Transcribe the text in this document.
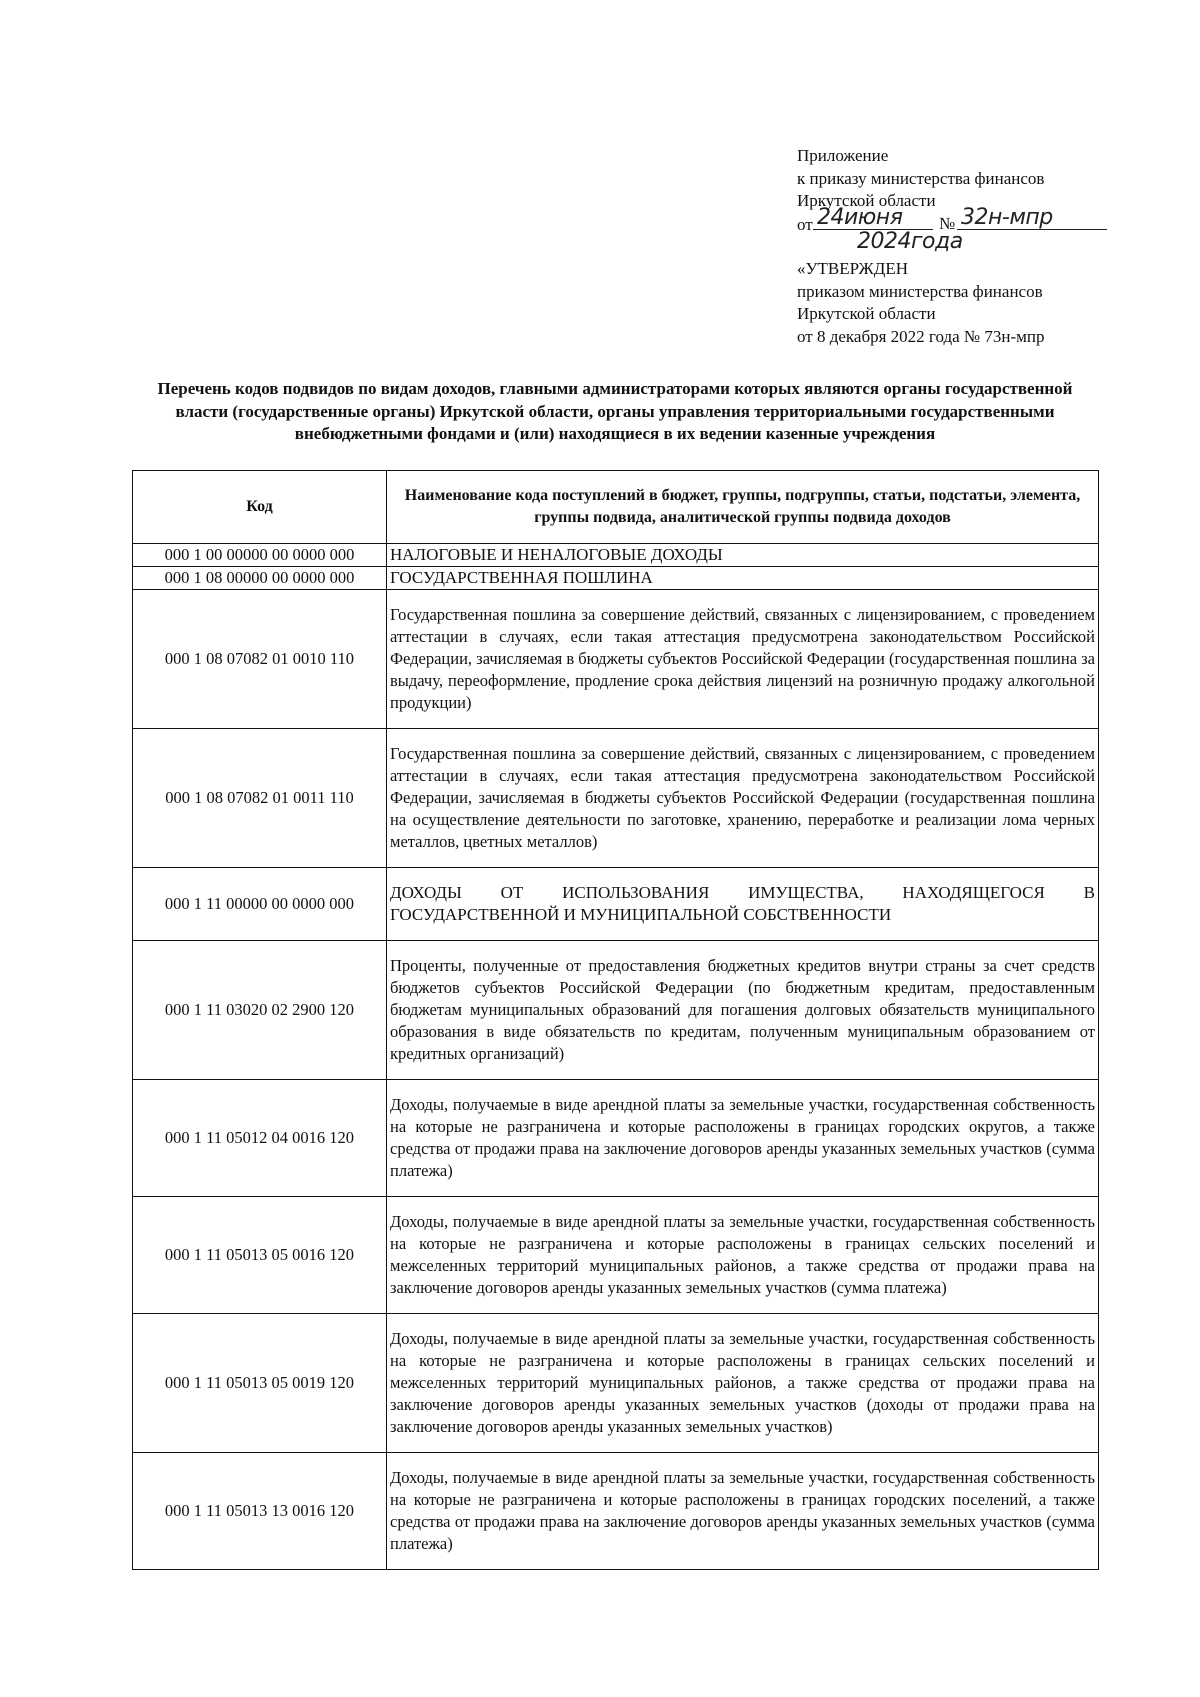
Приложение
к приказу министерства финансов
Иркутской области
от 24июня № 32н-мпр
2024года
«УТВЕРЖДЕН
приказом министерства финансов
Иркутской области
от 8 декабря 2022 года № 73н-мпр
Перечень кодов подвидов по видам доходов, главными администраторами которых являются органы государственной власти (государственные органы) Иркутской области, органы управления территориальными государственными внебюджетными фондами и (или) находящиеся в их ведении казенные учреждения
Код	Наименование кода поступлений в бюджет, группы, подгруппы, статьи, подстатьи, элемента, группы подвида, аналитической группы подвида доходов
000 1 00 00000 00 0000 000	НАЛОГОВЫЕ И НЕНАЛОГОВЫЕ ДОХОДЫ
000 1 08 00000 00 0000 000	ГОСУДАРСТВЕННАЯ ПОШЛИНА
000 1 08 07082 01 0010 110	Государственная пошлина за совершение действий, связанных с лицензированием, с проведением аттестации в случаях, если такая аттестация предусмотрена законодательством Российской Федерации, зачисляемая в бюджеты субъектов Российской Федерации (государственная пошлина за выдачу, переоформление, продление срока действия лицензий на розничную продажу алкогольной продукции)
000 1 08 07082 01 0011 110	Государственная пошлина за совершение действий, связанных с лицензированием, с проведением аттестации в случаях, если такая аттестация предусмотрена законодательством Российской Федерации, зачисляемая в бюджеты субъектов Российской Федерации (государственная пошлина на осуществление деятельности по заготовке, хранению, переработке и реализации лома черных металлов, цветных металлов)
000 1 11 00000 00 0000 000	ДОХОДЫ ОТ ИСПОЛЬЗОВАНИЯ ИМУЩЕСТВА, НАХОДЯЩЕГОСЯ В ГОСУДАРСТВЕННОЙ И МУНИЦИПАЛЬНОЙ СОБСТВЕННОСТИ
000 1 11 03020 02 2900 120	Проценты, полученные от предоставления бюджетных кредитов внутри страны за счет средств бюджетов субъектов Российской Федерации (по бюджетным кредитам, предоставленным бюджетам муниципальных образований для погашения долговых обязательств муниципального образования в виде обязательств по кредитам, полученным муниципальным образованием от кредитных организаций)
000 1 11 05012 04 0016 120	Доходы, получаемые в виде арендной платы за земельные участки, государственная собственность на которые не разграничена и которые расположены в границах городских округов, а также средства от продажи права на заключение договоров аренды указанных земельных участков (сумма платежа)
000 1 11 05013 05 0016 120	Доходы, получаемые в виде арендной платы за земельные участки, государственная собственность на которые не разграничена и которые расположены в границах сельских поселений и межселенных территорий муниципальных районов, а также средства от продажи права на заключение договоров аренды указанных земельных участков (сумма платежа)
000 1 11 05013 05 0019 120	Доходы, получаемые в виде арендной платы за земельные участки, государственная собственность на которые не разграничена и которые расположены в границах сельских поселений и межселенных территорий муниципальных районов, а также средства от продажи права на заключение договоров аренды указанных земельных участков (доходы от продажи права на заключение договоров аренды указанных земельных участков)
000 1 11 05013 13 0016 120	Доходы, получаемые в виде арендной платы за земельные участки, государственная собственность на которые не разграничена и которые расположены в границах городских поселений, а также средства от продажи права на заключение договоров аренды указанных земельных участков (сумма платежа)
